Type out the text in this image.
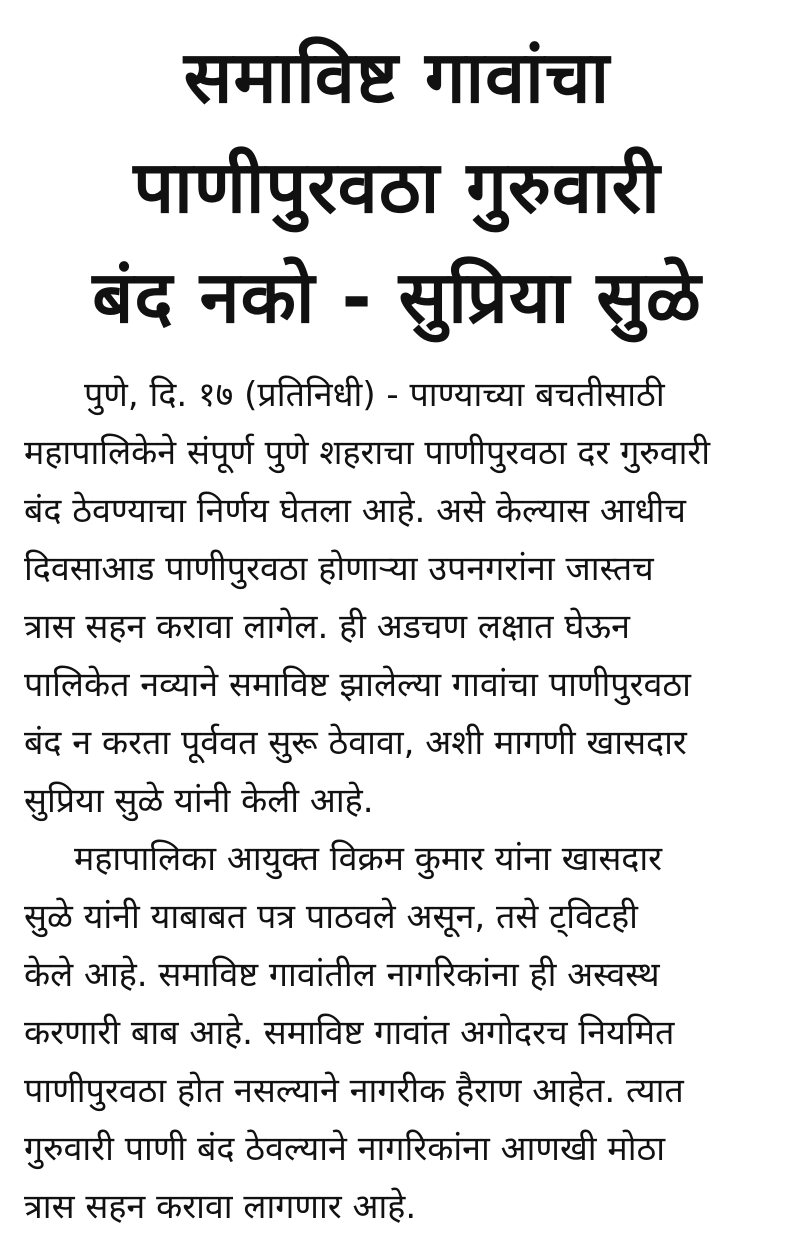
समाविष्ट गावांचा
पाणीपुरवठा गुरुवारी
बंद नको - सुप्रिया सुळे

पुणे, दि. १७ (प्रतिनिधी) - पाण्याच्या बचतीसाठी
महापालिकेने संपूर्ण पुणे शहराचा पाणीपुरवठा दर गुरुवारी
बंद ठेवण्याचा निर्णय घेतला आहे. असे केल्यास आधीच
दिवसाआड पाणीपुरवठा होणाऱ्या उपनगरांना जास्तच
त्रास सहन करावा लागेल. ही अडचण लक्षात घेऊन
पालिकेत नव्याने समाविष्ट झालेल्या गावांचा पाणीपुरवठा
बंद न करता पूर्ववत सुरू ठेवावा, अशी मागणी खासदार
सुप्रिया सुळे यांनी केली आहे.

महापालिका आयुक्त विक्रम कुमार यांना खासदार
सुळे यांनी याबाबत पत्र पाठवले असून, तसे ट्विटही
केले आहे. समाविष्ट गावांतील नागरिकांना ही अस्वस्थ
करणारी बाब आहे. समाविष्ट गावांत अगोदरच नियमित
पाणीपुरवठा होत नसल्याने नागरीक हैराण आहेत. त्यात
गुरुवारी पाणी बंद ठेवल्याने नागरिकांना आणखी मोठा
त्रास सहन करावा लागणार आहे.
